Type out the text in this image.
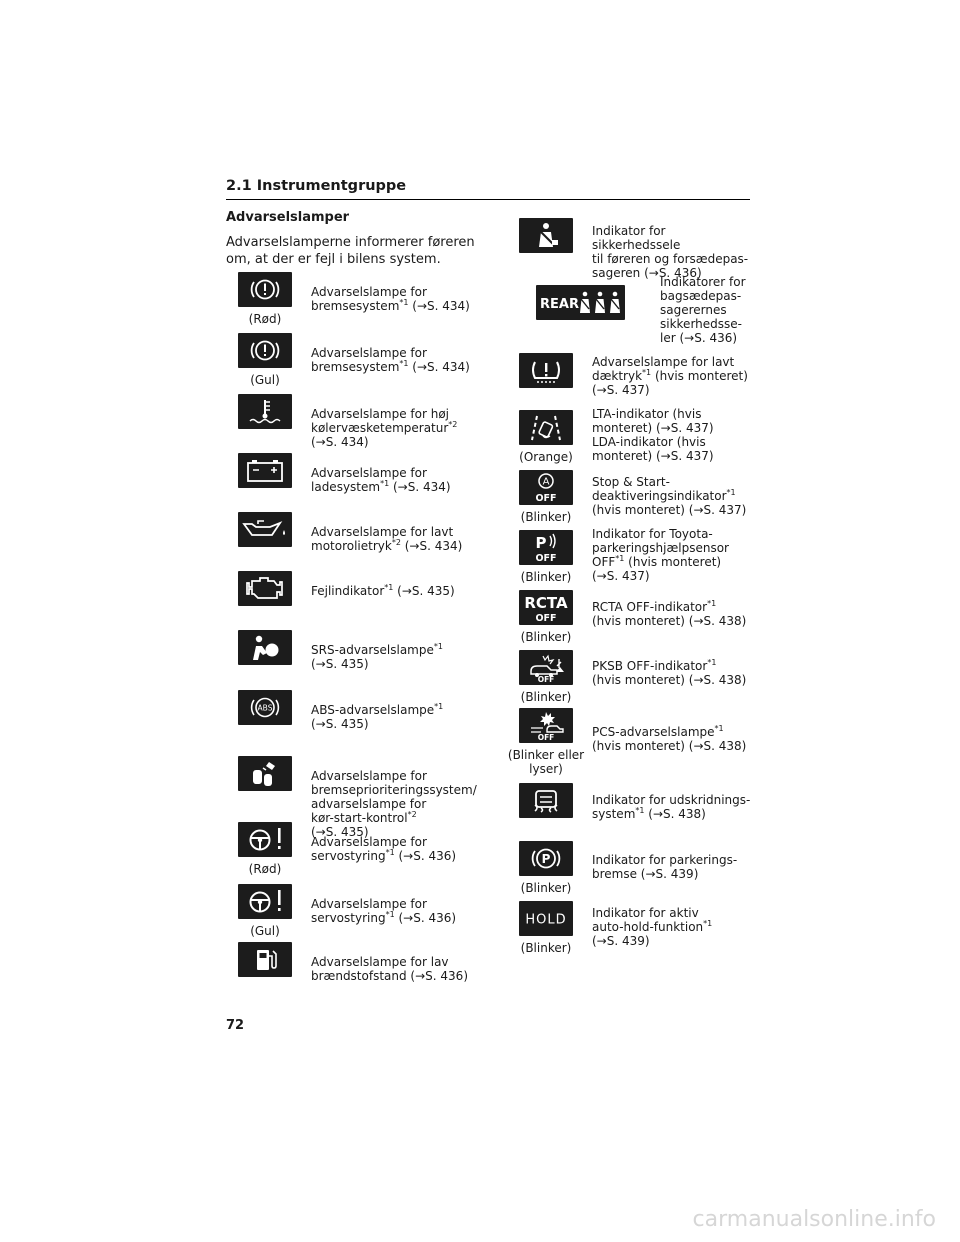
2.1 Instrumentgruppe
Advarselslamper
Advarselslamperne informerer føreren om, at der er fejl i bilens system.
(Rød)
Advarselslampe for
bremsesystem$^{*1}$ (→S. 434)
(Gul)
Advarselslampe for
bremsesystem$^{*1}$ (→S. 434)
Advarselslampe for høj
kølervæsketemperatur$^{*2}$
(→S. 434)
Advarselslampe for
ladesystem$^{*1}$ (→S. 434)
Advarselslampe for lavt
motorolietryk$^{*2}$ (→S. 434)
Fejlindikator$^{*1}$ (→S. 435)
SRS-advarselslampe$^{*1}$
(→S. 435)
ABS	ABS-advarselslampe$^{*1}$
(→S. 435)
Advarselslampe for
bremseprioriteringssystem/
advarselslampe for
kør-start-kontrol$^{*2}$
(→S. 435)
(Rød)
Advarselslampe for
servostyring$^{*1}$ (→S. 436)
(Gul)
Advarselslampe for
servostyring$^{*1}$ (→S. 436)
Advarselslampe for lav
brændstofstand (→S. 436)
Indikator for sikkerhedssele
til føreren og forsædepas-
sageren (→S. 436)
REAR
Indikatorer for
bagsædepas-
sagerernes
sikkerhedsse-
ler (→S. 436)
Advarselslampe for lavt
dæktryk$^{*1}$ (hvis monteret)
(→S. 437)
(Orange)
LTA-indikator (hvis
monteret) (→S. 437)
LDA-indikator (hvis
monteret) (→S. 437)
A
OFF
(Blinker)
Stop & Start-
deaktiveringsindikator$^{*1}$
(hvis monteret) (→S. 437)
P
OFF
(Blinker)
Indikator for Toyota-
parkeringshjælpsensor
OFF$^{*1}$ (hvis monteret)
(→S. 437)
RCTA
OFF
(Blinker)
RCTA OFF-indikator$^{*1}$
(hvis monteret) (→S. 438)
OFF
(Blinker)
PKSB OFF-indikator$^{*1}$
(hvis monteret) (→S. 438)
OFF
(Blinker eller
lyser)
PCS-advarselslampe$^{*1}$
(hvis monteret) (→S. 438)
Indikator for udskridnings-
system$^{*1}$ (→S. 438)
P
(Blinker)
Indikator for parkerings-
bremse (→S. 439)
HOLD
(Blinker)
Indikator for aktiv
auto-hold-funktion$^{*1}$
(→S. 439)
72
carmanualsonline.info
